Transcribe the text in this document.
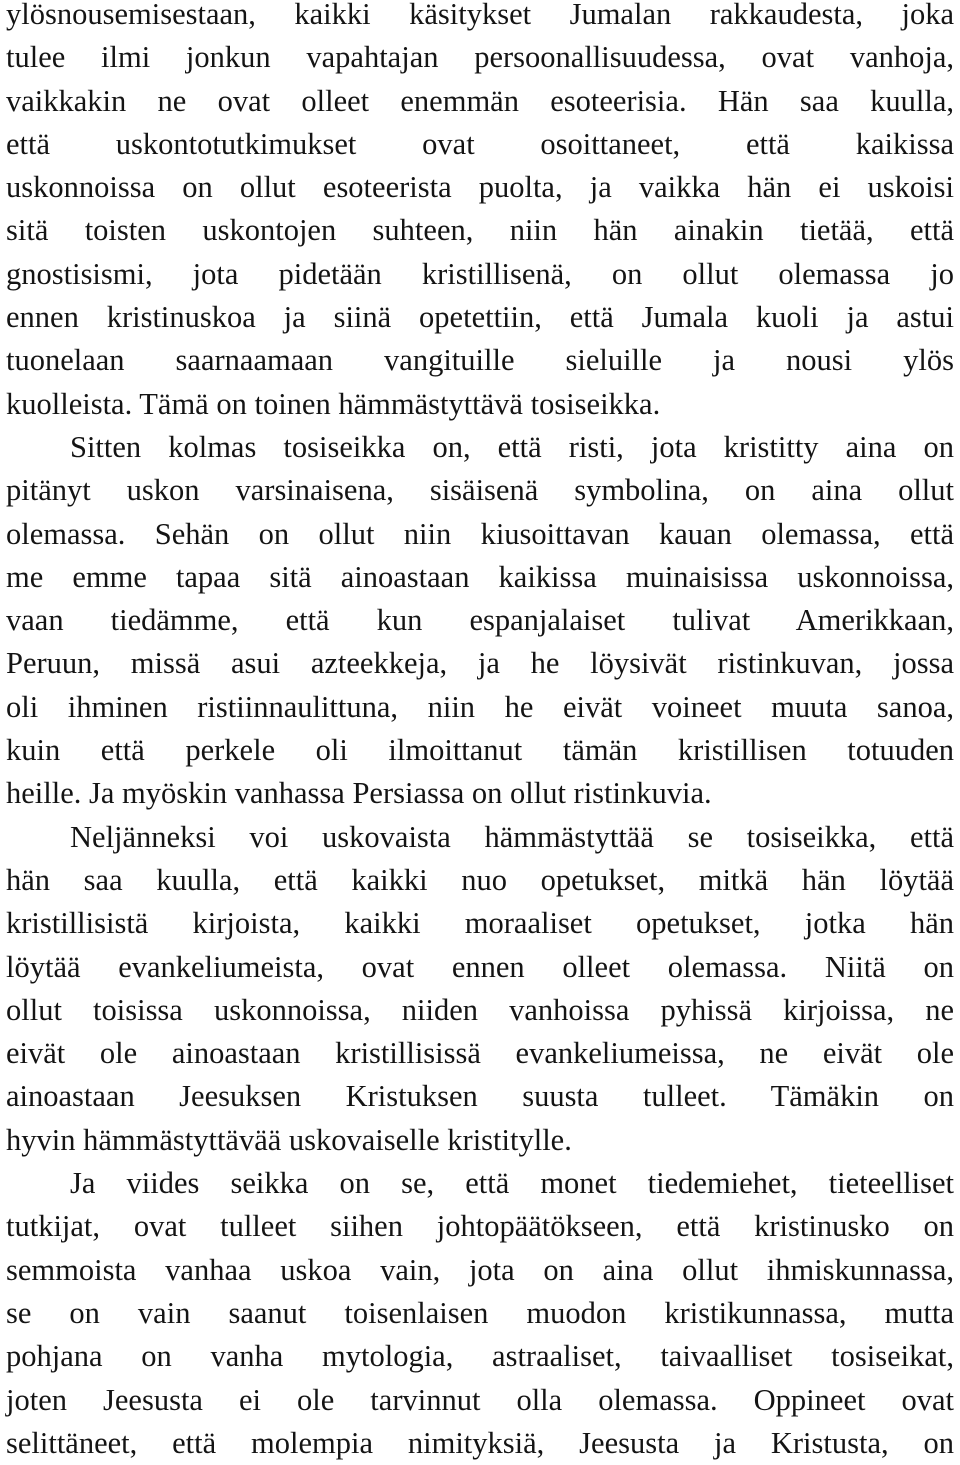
ylösnousemisestaan, kaikki käsitykset Jumalan rakkaudesta, joka
tulee ilmi jonkun vapahtajan persoonallisuudessa, ovat vanhoja,
vaikkakin ne ovat olleet enemmän esoteerisia. Hän saa kuulla,
että uskontotutkimukset ovat osoittaneet, että kaikissa
uskonnoissa on ollut esoteerista puolta, ja vaikka hän ei uskoisi
sitä toisten uskontojen suhteen, niin hän ainakin tietää, että
gnostisismi, jota pidetään kristillisenä, on ollut olemassa jo
ennen kristinuskoa ja siinä opetettiin, että Jumala kuoli ja astui
tuonelaan saarnaamaan vangituille sieluille ja nousi ylös
kuolleista. Tämä on toinen hämmästyttävä tosiseikka.
Sitten kolmas tosiseikka on, että risti, jota kristitty aina on
pitänyt uskon varsinaisena, sisäisenä symbolina, on aina ollut
olemassa. Sehän on ollut niin kiusoittavan kauan olemassa, että
me emme tapaa sitä ainoastaan kaikissa muinaisissa uskonnoissa,
vaan tiedämme, että kun espanjalaiset tulivat Amerikkaan,
Peruun, missä asui azteekkeja, ja he löysivät ristinkuvan, jossa
oli ihminen ristiinnaulittuna, niin he eivät voineet muuta sanoa,
kuin että perkele oli ilmoittanut tämän kristillisen totuuden
heille. Ja myöskin vanhassa Persiassa on ollut ristinkuvia.
Neljänneksi voi uskovaista hämmästyttää se tosiseikka, että
hän saa kuulla, että kaikki nuo opetukset, mitkä hän löytää
kristillisistä kirjoista, kaikki moraaliset opetukset, jotka hän
löytää evankeliumeista, ovat ennen olleet olemassa. Niitä on
ollut toisissa uskonnoissa, niiden vanhoissa pyhissä kirjoissa, ne
eivät ole ainoastaan kristillisissä evankeliumeissa, ne eivät ole
ainoastaan Jeesuksen Kristuksen suusta tulleet. Tämäkin on
hyvin hämmästyttävää uskovaiselle kristitylle.
Ja viides seikka on se, että monet tiedemiehet, tieteelliset
tutkijat, ovat tulleet siihen johtopäätökseen, että kristinusko on
semmoista vanhaa uskoa vain, jota on aina ollut ihmiskunnassa,
se on vain saanut toisenlaisen muodon kristikunnassa, mutta
pohjana on vanha mytologia, astraaliset, taivaalliset tosiseikat,
joten Jeesusta ei ole tarvinnut olla olemassa. Oppineet ovat
selittäneet, että molempia nimityksiä, Jeesusta ja Kristusta, on
